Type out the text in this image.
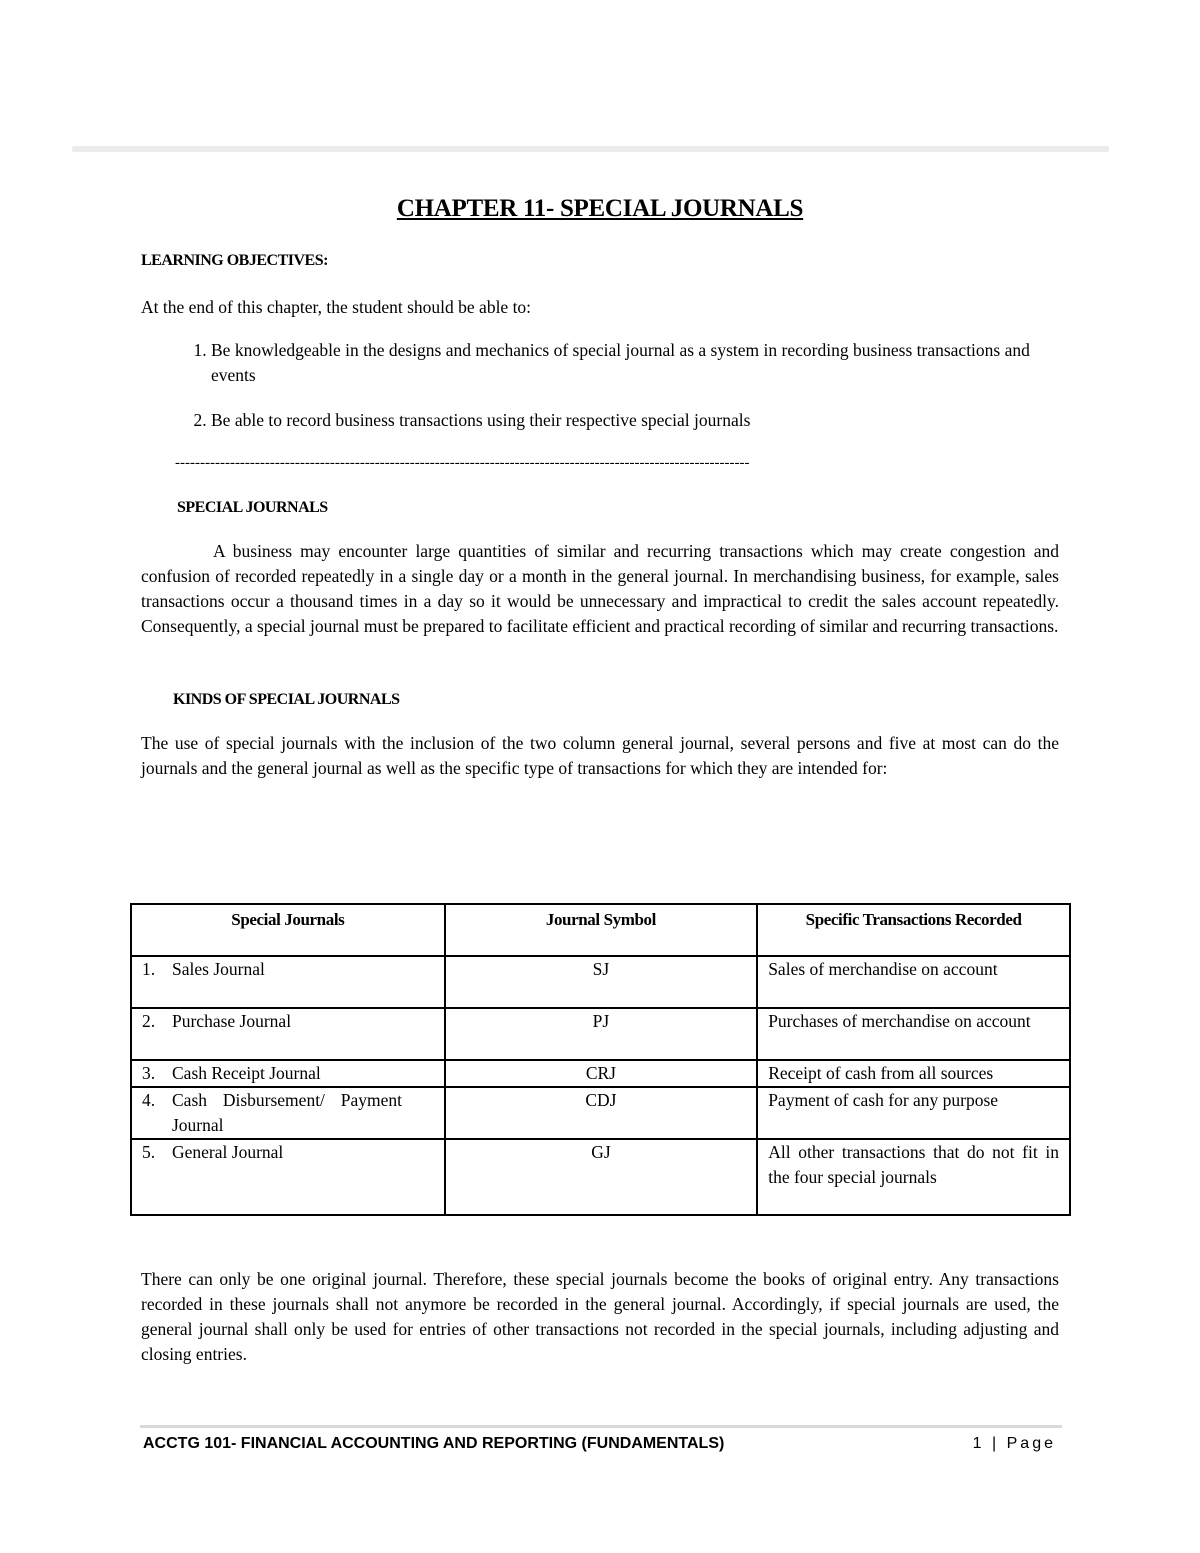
CHAPTER 11- SPECIAL JOURNALS
LEARNING OBJECTIVES:
At the end of this chapter, the student should be able to:
1. Be knowledgeable in the designs and mechanics of special journal as a system in recording business transactions and events
2. Be able to record business transactions using their respective special journals
-------------------------------------------------------------------------------------------------------------------
SPECIAL JOURNALS

A business may encounter large quantities of similar and recurring transactions which may create congestion and confusion of recorded repeatedly in a single day or a month in the general journal. In merchandising business, for example, sales transactions occur a thousand times in a day so it would be unnecessary and impractical to credit the sales account repeatedly. Consequently, a special journal must be prepared to facilitate efficient and practical recording of similar and recurring transactions.

KINDS OF SPECIAL JOURNALS

The use of special journals with the inclusion of the two column general journal, several persons and five at most can do the journals and the general journal as well as the specific type of transactions for which they are intended for:

Special Journals	Journal Symbol	Specific Transactions Recorded
1. Sales Journal	SJ	Sales of merchandise on account
2. Purchase Journal	PJ	Purchases of merchandise on account
3. Cash Receipt Journal	CRJ	Receipt of cash from all sources
4. Cash Disbursement/ Payment Journal	CDJ	Payment of cash for any purpose
5. General Journal	GJ	All other transactions that do not fit in the four special journals

There can only be one original journal. Therefore, these special journals become the books of original entry. Any transactions recorded in these journals shall not anymore be recorded in the general journal. Accordingly, if special journals are used, the general journal shall only be used for entries of other transactions not recorded in the special journals, including adjusting and closing entries.

ACCTG 101- FINANCIAL ACCOUNTING AND REPORTING (FUNDAMENTALS)	1 | Page
